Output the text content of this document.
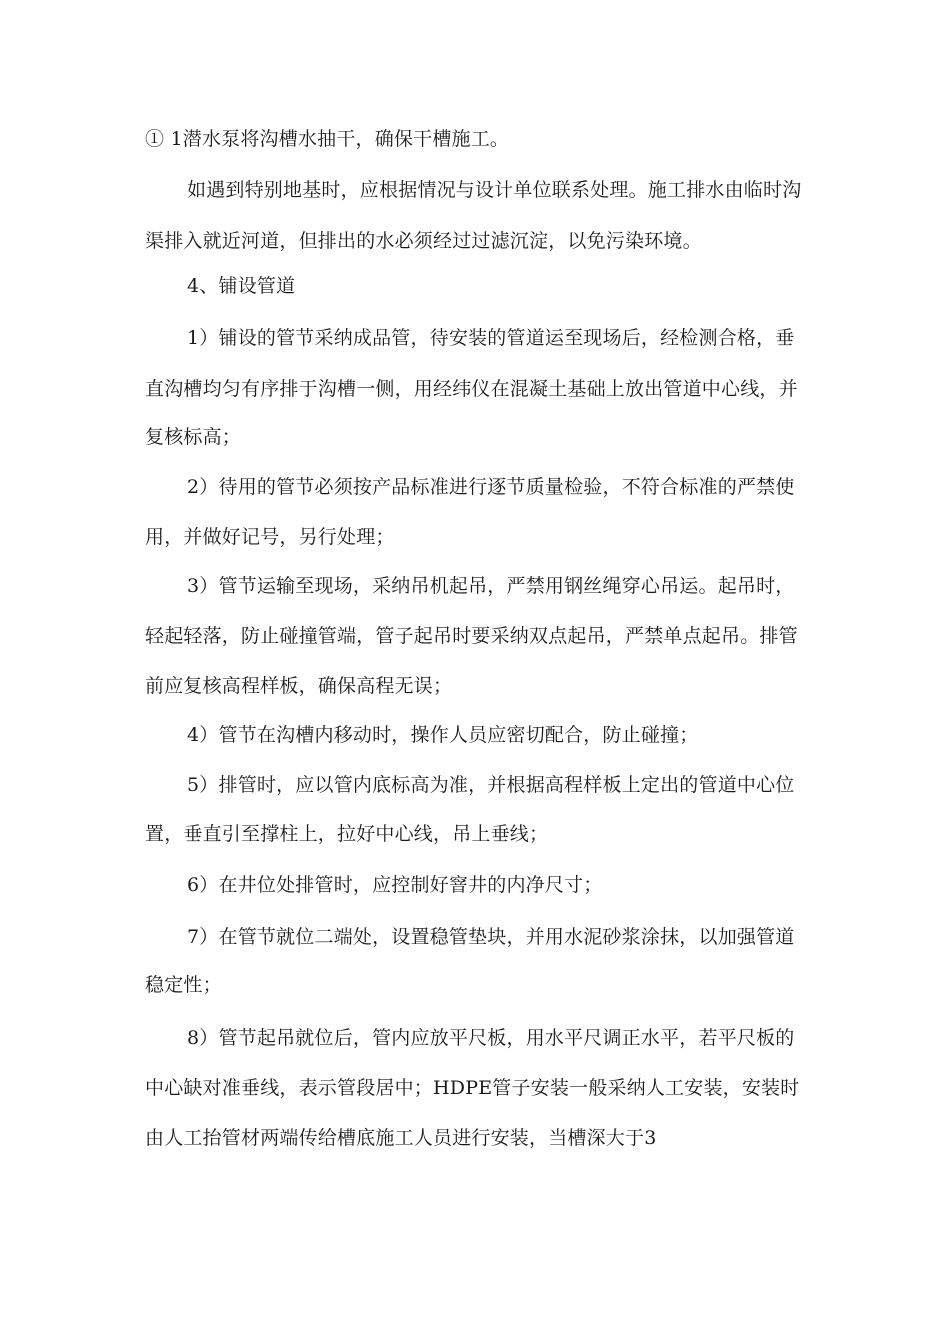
① 1潜水泵将沟槽水抽干，确保干槽施工。
如遇到特别地基时，应根据情况与设计单位联系处理。施工排水由临时沟
渠排入就近河道，但排出的水必须经过过滤沉淀，以免污染环境。
4、铺设管道
1）铺设的管节采纳成品管，待安装的管道运至现场后，经检测合格，垂
直沟槽均匀有序排于沟槽一侧，用经纬仪在混凝土基础上放出管道中心线，并
复核标高；
2）待用的管节必须按产品标准进行逐节质量检验，不符合标准的严禁使
用，并做好记号，另行处理；
3）管节运输至现场，采纳吊机起吊，严禁用钢丝绳穿心吊运。起吊时，
轻起轻落，防止碰撞管端，管子起吊时要采纳双点起吊，严禁单点起吊。排管
前应复核高程样板，确保高程无误；
4）管节在沟槽内移动时，操作人员应密切配合，防止碰撞；
5）排管时，应以管内底标高为准，并根据高程样板上定出的管道中心位
置，垂直引至撑柱上，拉好中心线，吊上垂线；
6）在井位处排管时，应控制好窨井的内净尺寸；
7）在管节就位二端处，设置稳管垫块，并用水泥砂浆涂抹，以加强管道
稳定性；
8）管节起吊就位后，管内应放平尺板，用水平尺调正水平，若平尺板的
中心缺对准垂线，表示管段居中；HDPE管子安装一般采纳人工安装，安装时
由人工抬管材两端传给槽底施工人员进行安装，当槽深大于3
